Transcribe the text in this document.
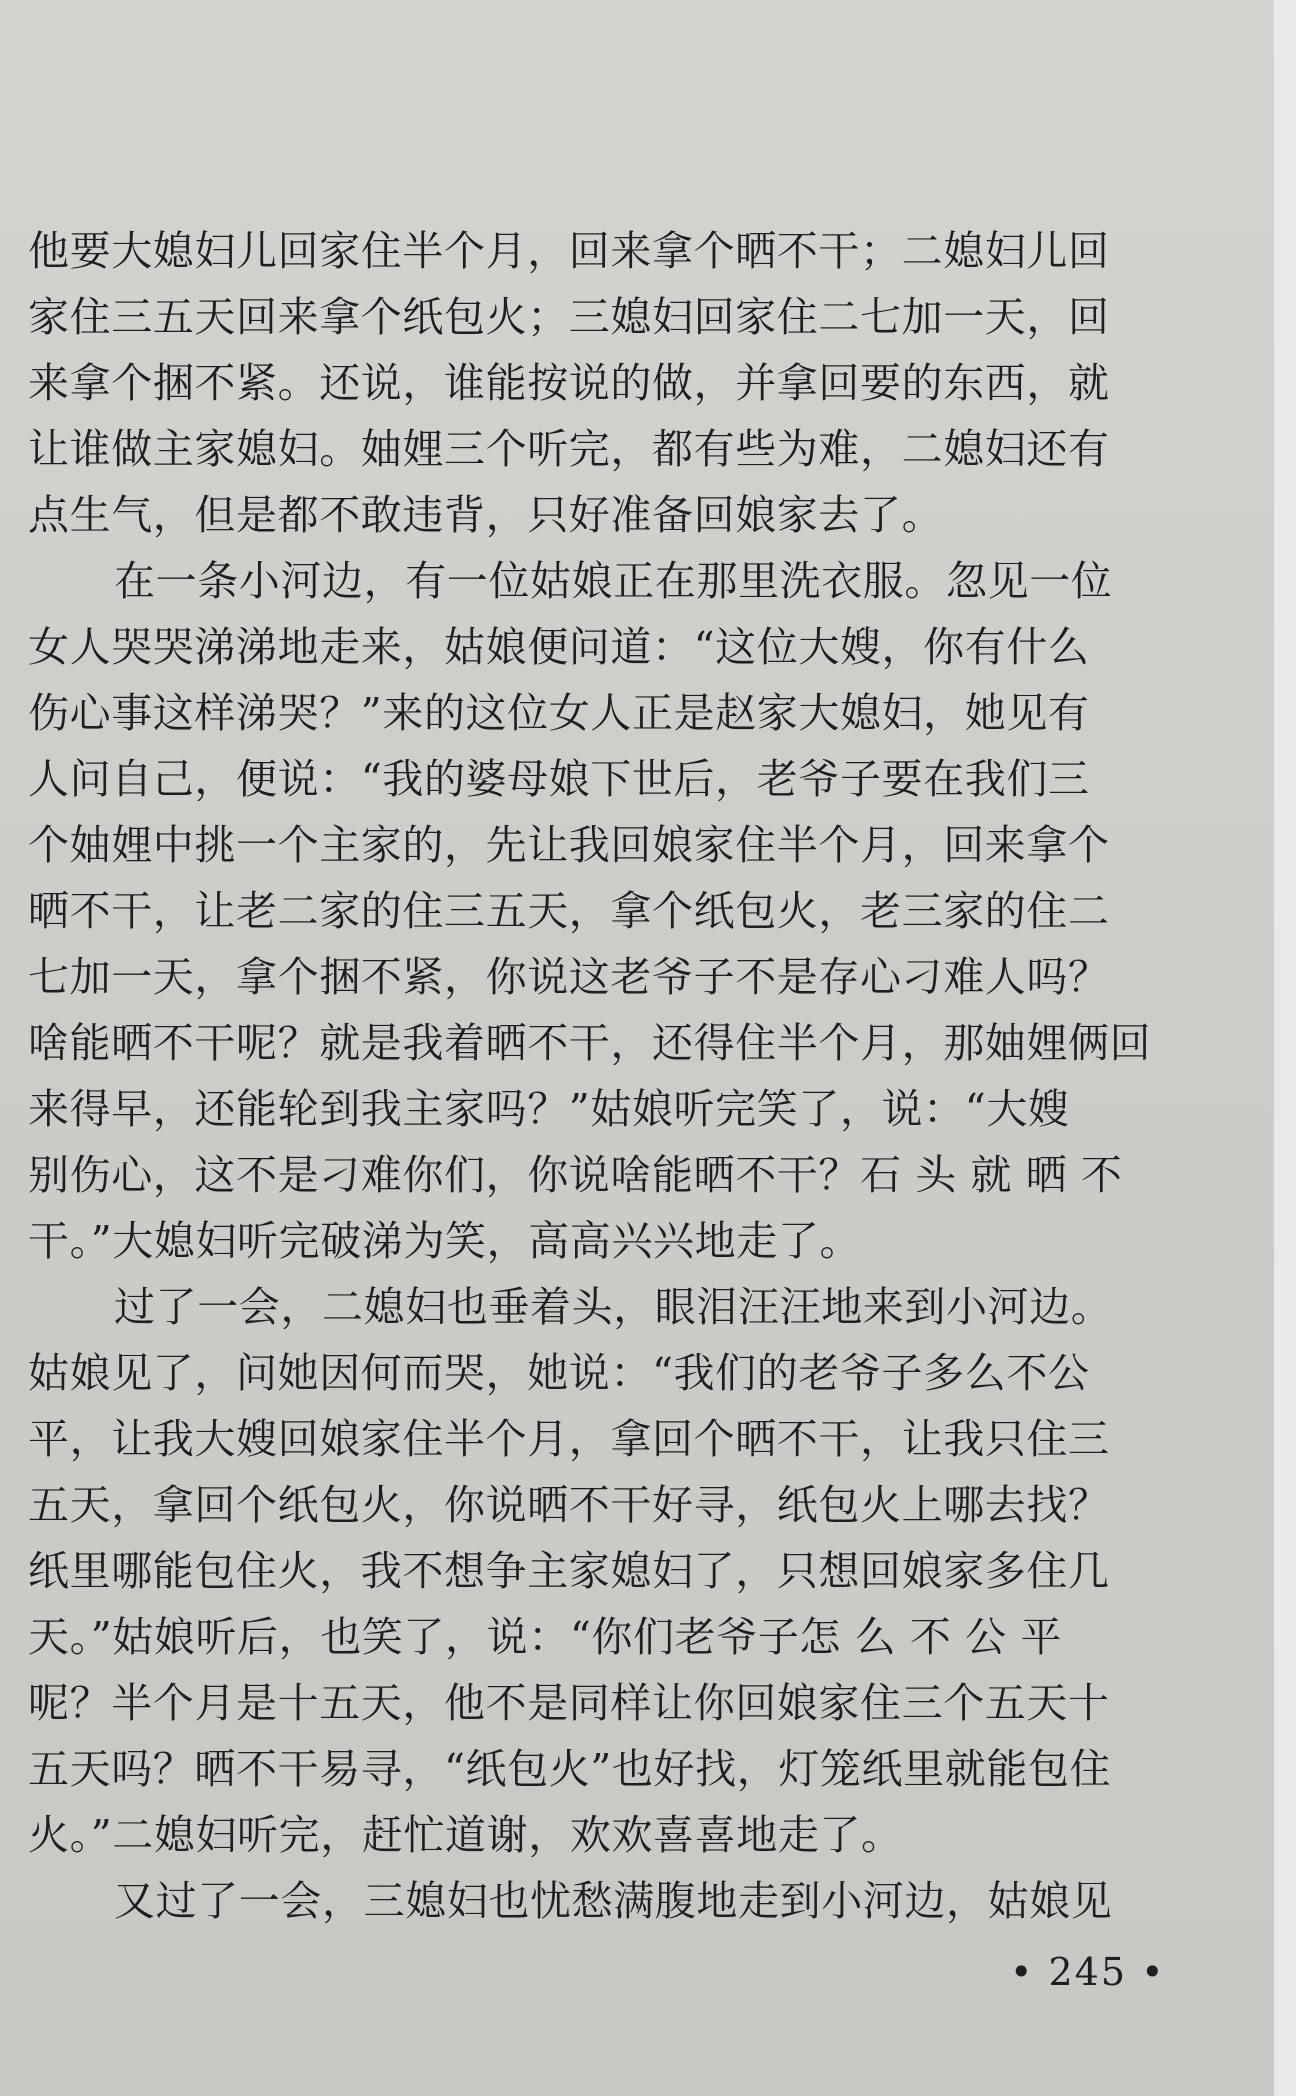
他要大媳妇儿回家住半个月，回来拿个晒不干；二媳妇儿回
家住三五天回来拿个纸包火；三媳妇回家住二七加一天，回
来拿个捆不紧。还说，谁能按说的做，并拿回要的东西，就
让谁做主家媳妇。妯娌三个听完，都有些为难，二媳妇还有
点生气，但是都不敢违背，只好准备回娘家去了。
在一条小河边，有一位姑娘正在那里洗衣服。忽见一位
女人哭哭涕涕地走来，姑娘便问道：“这位大嫂，你有什么
伤心事这样涕哭？”来的这位女人正是赵家大媳妇，她见有
人问自己，便说：“我的婆母娘下世后，老爷子要在我们三
个妯娌中挑一个主家的，先让我回娘家住半个月，回来拿个
晒不干，让老二家的住三五天，拿个纸包火，老三家的住二
七加一天，拿个捆不紧，你说这老爷子不是存心刁难人吗？
啥能晒不干呢？就是我着晒不干，还得住半个月，那妯娌俩回
来得早，还能轮到我主家吗？”姑娘听完笑了，说：“大嫂
别伤心，这不是刁难你们，你说啥能晒不干？石 头 就 晒 不
干。”大媳妇听完破涕为笑，高高兴兴地走了。
过了一会，二媳妇也垂着头，眼泪汪汪地来到小河边。
姑娘见了，问她因何而哭，她说：“我们的老爷子多么不公
平，让我大嫂回娘家住半个月，拿回个晒不干，让我只住三
五天，拿回个纸包火，你说晒不干好寻，纸包火上哪去找？
纸里哪能包住火，我不想争主家媳妇了，只想回娘家多住几
天。”姑娘听后，也笑了，说：“你们老爷子怎 么 不 公 平
呢？半个月是十五天，他不是同样让你回娘家住三个五天十
五天吗？晒不干易寻，“纸包火”也好找，灯笼纸里就能包住
火。”二媳妇听完，赶忙道谢，欢欢喜喜地走了。
又过了一会，三媳妇也忧愁满腹地走到小河边，姑娘见
• 245 •
